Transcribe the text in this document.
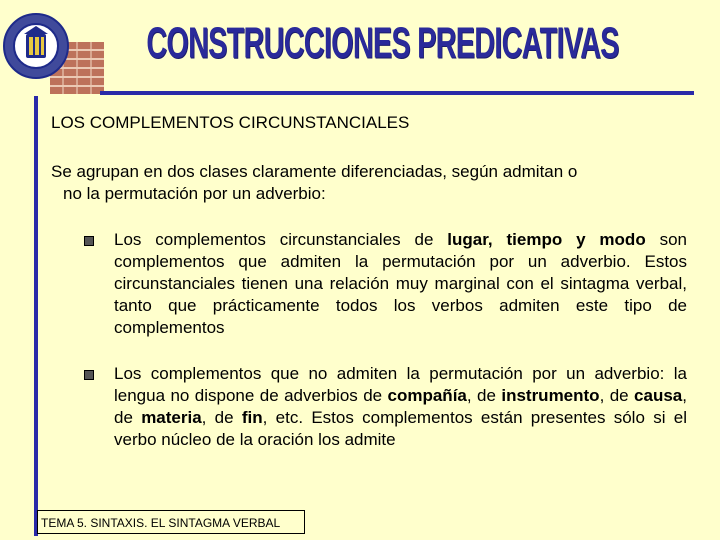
CONSTRUCCIONES PREDICATIVAS
LOS COMPLEMENTOS CIRCUNSTANCIALES
Se agrupan en dos clases claramente diferenciadas, según admitan o
no la permutación por un adverbio:
Los complementos circunstanciales de lugar, tiempo y modo son complementos que admiten la permutación por un adverbio. Estos circunstanciales tienen una relación muy marginal con el sintagma verbal, tanto que prácticamente todos los verbos admiten este tipo de complementos
Los complementos que no admiten la permutación por un adverbio: la lengua no dispone de adverbios de compañía, de instrumento, de causa, de materia, de fin, etc. Estos complementos están presentes sólo si el verbo núcleo de la oración los admite
TEMA 5. SINTAXIS. EL SINTAGMA VERBAL
